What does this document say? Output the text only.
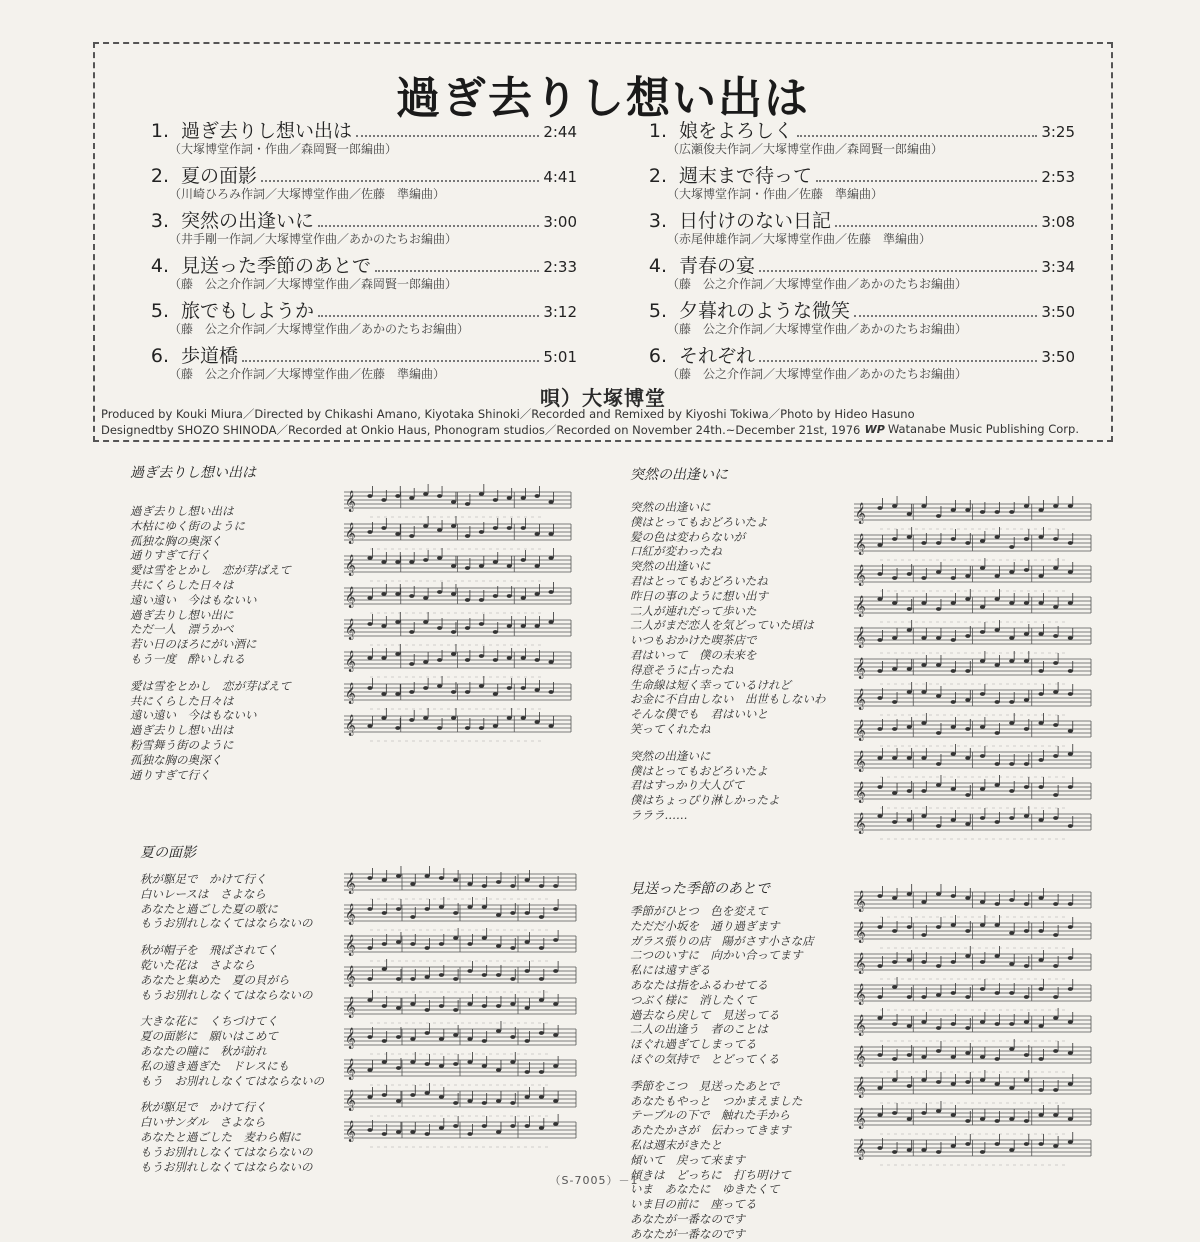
過ぎ去りし想い出は
1. 過ぎ去りし想い出は	2:44
（大塚博堂作詞・作曲／森岡賢一郎編曲）
2. 夏の面影	4:41
（川崎ひろみ作詞／大塚博堂作曲／佐藤　準編曲）
3. 突然の出逢いに	3:00
（井手剛一作詞／大塚博堂作曲／あかのたちお編曲）
4. 見送った季節のあとで	2:33
（藤　公之介作詞／大塚博堂作曲／森岡賢一郎編曲）
5. 旅でもしようか	3:12
（藤　公之介作詞／大塚博堂作曲／あかのたちお編曲）
6. 歩道橋	5:01
（藤　公之介作詞／大塚博堂作曲／佐藤　準編曲）
1. 娘をよろしく	3:25
（広瀬俊夫作詞／大塚博堂作曲／森岡賢一郎編曲）
2. 週末まで待って	2:53
（大塚博堂作詞・作曲／佐藤　準編曲）
3. 日付けのない日記	3:08
（赤尾伸雄作詞／大塚博堂作曲／佐藤　準編曲）
4. 青春の宴	3:34
（藤　公之介作詞／大塚博堂作曲／あかのたちお編曲）
5. 夕暮れのような微笑	3:50
（藤　公之介作詞／大塚博堂作曲／あかのたちお編曲）
6. それぞれ	3:50
（藤　公之介作詞／大塚博堂作曲／あかのたちお編曲）
唄）大塚博堂
Produced by Kouki Miura／Directed by Chikashi Amano, Kiyotaka Shinoki／Recorded and Remixed by Kiyoshi Tokiwa／Photo by Hideo Hasuno
Designedtby SHOZO SHINODA／Recorded at Onkio Haus, Phonogram studios／Recorded on November 24th.~December 21st, 1976 WP Watanabe Music Publishing Corp.
過ぎ去りし想い出は
過ぎ去りし想い出は
木枯にゆく街のように
孤独な胸の奥深く
通りすぎて行く
愛は雪をとかし　恋が芽ばえて
共にくらした日々は
遠い遠い　今はもないい
過ぎ去りし想い出に
ただ一人　漂うかべ
若い日のほろにがい酒に
もう一度　酔いしれる
愛は雪をとかし　恋が芽ばえて
共にくらした日々は
遠い遠い　今はもないい
過ぎ去りし想い出は
粉雪舞う街のように
孤独な胸の奥深く
通りすぎて行く
𝄞
𝄞
𝄞
𝄞
𝄞
𝄞
𝄞
𝄞
突然の出逢いに
突然の出逢いに
僕はとってもおどろいたよ
髪の色は変わらないが
口紅が変わったね
突然の出逢いに
君はとってもおどろいたね
昨日の事のように想い出す
二人が連れだって歩いた
二人がまだ恋人を気どっていた頃は
いつもおかけた喫茶店で
君はいって　僕の未来を
得意そうに占ったね
生命線は短く幸っているけれど
お金に不自由しない　出世もしないわ
そんな僕でも　君はいいと
笑ってくれたね
突然の出逢いに
僕はとってもおどろいたよ
君はすっかり大人びて
僕はちょっぴり淋しかったよ
ラララ……
𝄞
𝄞
𝄞
𝄞
𝄞
𝄞
𝄞
𝄞
𝄞
𝄞
𝄞
夏の面影
秋が駆足で　かけて行く
白いレースは　さよなら
あなたと過ごした夏の歌に
もうお別れしなくてはならないの
秋が帽子を　飛ばされてく
乾いた花は　さよなら
あなたと集めた　夏の貝がら
もうお別れしなくてはならないの
大きな花に　くちづけてく
夏の面影に　願いはこめて
あなたの瞳に　秋が訪れ
私の遠き過ぎた　ドレスにも
もう　お別れしなくてはならないの
秋が駆足で　かけて行く
白いサンダル　さよなら
あなたと過ごした　麦わら帽に
もうお別れしなくてはならないの
もうお別れしなくてはならないの
𝄞
𝄞
𝄞
𝄞
𝄞
𝄞
𝄞
𝄞
𝄞
見送った季節のあとで
季節がひとつ　色を変えて
ただだ小坂を　通り過ぎます
ガラス張りの店　陽がさす小さな店
二つのいすに　向かい合ってます
私には遠すぎる
あなたは指をふるわせてる
つぶく様に　消したくて
過去なら戻して　見送ってる
二人の出逢う　者のことは
ほぐれ過ぎてしまってる
ほぐの気持で　とどってくる
季節をこつ　見送ったあとで
あなたもやっと　つかまえました
テーブルの下で　触れた手から
あたたかさが　伝わってきます
私は週末がきたと
傾いて　戻って来ます
傾きは　どっちに　打ち明けて
いま　あなたに　ゆきたくて
いま目の前に　座ってる
あなたが一番なのです
あなたが一番なのです
𝄞
𝄞
𝄞
𝄞
𝄞
𝄞
𝄞
𝄞
𝄞
（S-7005）－1－
